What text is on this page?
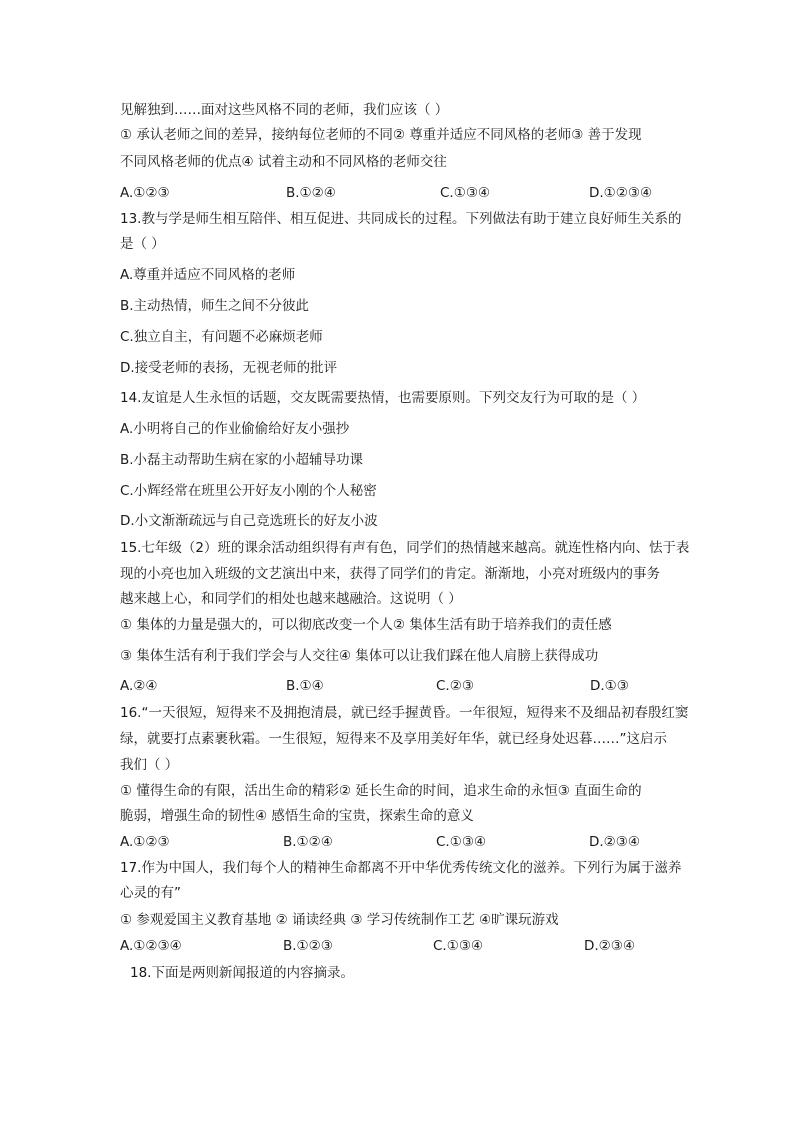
见解独到……面对这些风格不同的老师，我们应该（ ）
① 承认老师之间的差异，接纳每位老师的不同② 尊重并适应不同风格的老师③ 善于发现
不同风格老师的优点④ 试着主动和不同风格的老师交往
A.①②③	B.①②④	C.①③④	D.①②③④
13.教与学是师生相互陪伴、相互促进、共同成长的过程。下列做法有助于建立良好师生关系的
是（ ）
A.尊重并适应不同风格的老师
B.主动热情，师生之间不分彼此
C.独立自主，有问题不必麻烦老师
D.接受老师的表扬，无视老师的批评
14.友谊是人生永恒的话题，交友既需要热情，也需要原则。下列交友行为可取的是（ ）
A.小明将自己的作业偷偷给好友小强抄
B.小磊主动帮助生病在家的小超辅导功课
C.小辉经常在班里公开好友小刚的个人秘密
D.小文渐渐疏远与自己竞选班长的好友小波
15.七年级（2）班的课余活动组织得有声有色，同学们的热情越来越高。就连性格内向、怯于表
现的小亮也加入班级的文艺演出中来，获得了同学们的肯定。渐渐地，小亮对班级内的事务
越来越上心，和同学们的相处也越来越融洽。这说明（ ）
① 集体的力量是强大的，可以彻底改变一个人② 集体生活有助于培养我们的责任感
③ 集体生活有利于我们学会与人交往④ 集体可以让我们踩在他人肩膀上获得成功
A.②④	B.①④	C.②③	D.①③
16.“一天很短，短得来不及拥抱清晨，就已经手握黄昏。一年很短，短得来不及细品初春殷红窦
绿，就要打点素裹秋霜。一生很短，短得来不及享用美好年华，就已经身处迟暮……”这启示
我们（ ）
① 懂得生命的有限，活出生命的精彩② 延长生命的时间，追求生命的永恒③ 直面生命的
脆弱，增强生命的韧性④ 感悟生命的宝贵，探索生命的意义
A.①②③	B.①②④	C.①③④	D.②③④
17.作为中国人，我们每个人的精神生命都离不开中华优秀传统文化的滋养。下列行为属于滋养
心灵的有”
① 参观爱国主义教育基地 ② 诵读经典 ③ 学习传统制作工艺 ④旷课玩游戏
A.①②③④	B.①②③	C.①③④	D.②③④
18.下面是两则新闻报道的内容摘录。
